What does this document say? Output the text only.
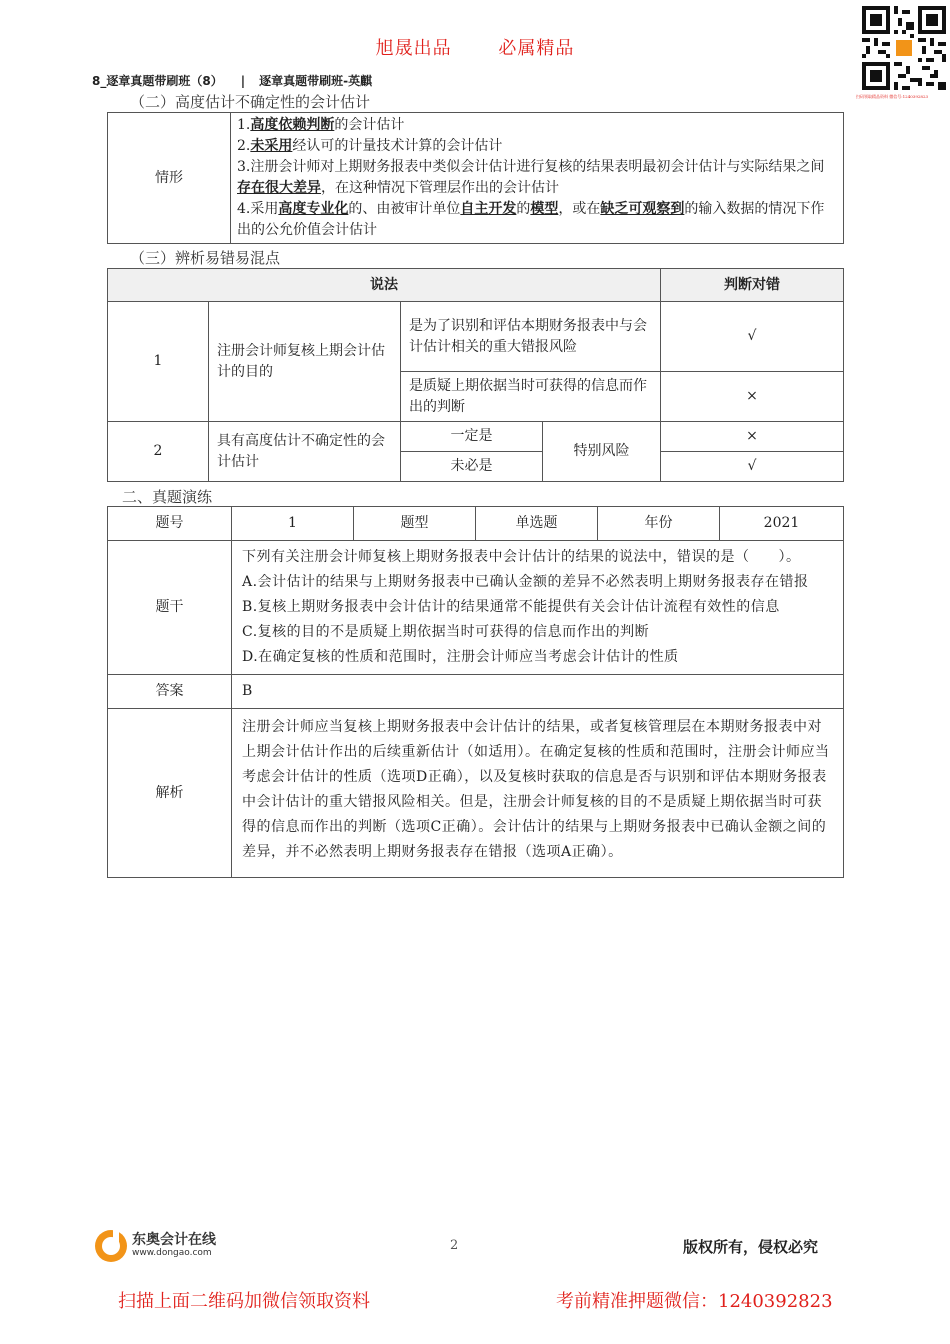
旭晟出品	必属精品
扫码领取精品资料 微信号:1240392823
8_逐章真题带刷班（8） | 逐章真题带刷班-英麒
（二）高度估计不确定性的会计估计
情形	
1.高度依赖判断的会计估计
2.未采用经认可的计量技术计算的会计估计
3.注册会计师对上期财务报表中类似会计估计进行复核的结果表明最初会计估计与实际结果之间存在很大差异，在这种情况下管理层作出的会计估计
4.采用高度专业化的、由被审计单位自主开发的模型，或在缺乏可观察到的输入数据的情况下作出的公允价值会计估计
（三）辨析易错易混点
说法				判断对错
1	注册会计师复核上期会计估计的目的	是为了识别和评估本期财务报表中与会计估计相关的重大错报风险		√
		是质疑上期依据当时可获得的信息而作出的判断		×
2	具有高度估计不确定性的会计估计	一定是	特别风险	×
		未必是		√
二、真题演练
题号	1	题型	单选题	年份	2021
题干	下列有关注册会计师复核上期财务报表中会计估计的结果的说法中，错误的是（　　）。
A.会计估计的结果与上期财务报表中已确认金额的差异不必然表明上期财务报表存在错报
B.复核上期财务报表中会计估计的结果通常不能提供有关会计估计流程有效性的信息
C.复核的目的不是质疑上期依据当时可获得的信息而作出的判断
D.在确定复核的性质和范围时，注册会计师应当考虑会计估计的性质				

答案	B				
解析	注册会计师应当复核上期财务报表中会计估计的结果，或者复核管理层在本期财务报表中对上期会计估计作出的后续重新估计（如适用）。在确定复核的性质和范围时，注册会计师应当考虑会计估计的性质（选项D正确），以及复核时获取的信息是否与识别和评估本期财务报表中会计估计的重大错报风险相关。但是，注册会计师复核的目的不是质疑上期依据当时可获得的信息而作出的判断（选项C正确）。会计估计的结果与上期财务报表中已确认金额之间的差异，并不必然表明上期财务报表存在错报（选项A正确）。				
东奥会计在线
www.dongao.com	2	版权所有，侵权必究
扫描上面二维码加微信领取资料	考前精准押题微信：1240392823
